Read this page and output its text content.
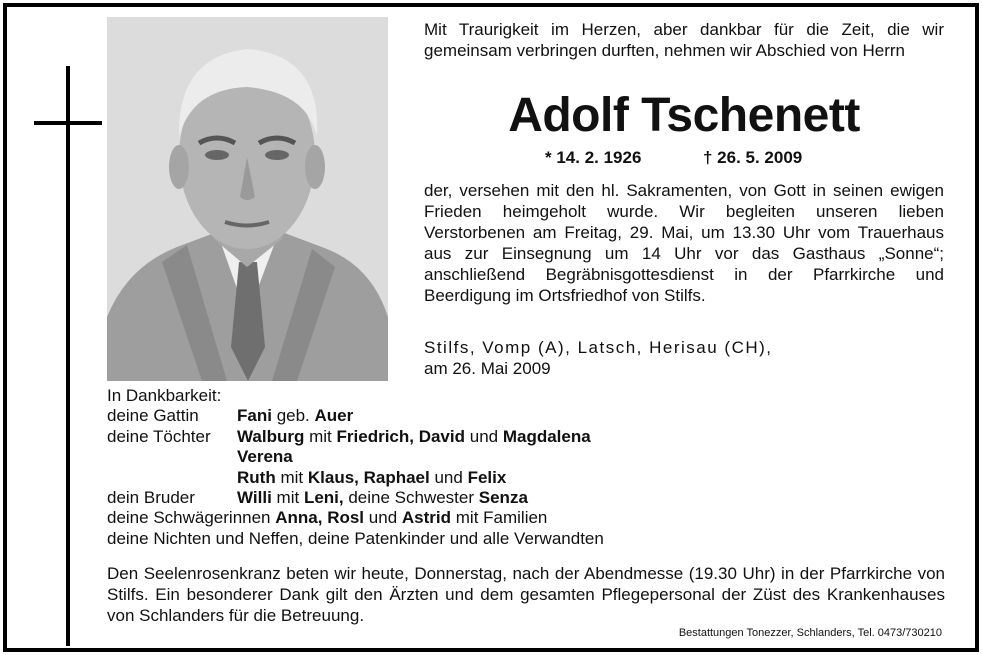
Mit Traurigkeit im Herzen, aber dankbar für die Zeit, die wir gemeinsam verbringen durften, nehmen wir Abschied von Herrn
Adolf Tschenett
* 14. 2. 1926	† 26. 5. 2009
der, versehen mit den hl. Sakramenten, von Gott in seinen ewigen Frieden heimgeholt wurde. Wir begleiten unseren lieben Verstorbenen am Freitag, 29. Mai, um 13.30 Uhr vom Trauerhaus aus zur Einsegnung um 14 Uhr vor das Gasthaus „Sonne“; anschließend Begräbnisgottesdienst in der Pfarrkirche und Beerdigung im Ortsfriedhof von Stilfs.
Stilfs, Vomp (A), Latsch, Herisau (CH),
am 26. Mai 2009
In Dankbarkeit:
deine Gattin Fani geb. Auer
deine Töchter Walburg mit Friedrich, David und Magdalena
Verena
Ruth mit Klaus, Raphael und Felix
dein Bruder Willi mit Leni, deine Schwester Senza
deine Schwägerinnen Anna, Rosl und Astrid mit Familien
deine Nichten und Neffen, deine Patenkinder und alle Verwandten
Den Seelenrosenkranz beten wir heute, Donnerstag, nach der Abendmesse (19.30 Uhr) in der Pfarrkirche von Stilfs. Ein besonderer Dank gilt den Ärzten und dem gesamten Pflegepersonal der Züst des Krankenhauses von Schlanders für die Betreuung.
Bestattungen Tonezzer, Schlanders, Tel. 0473/730210
